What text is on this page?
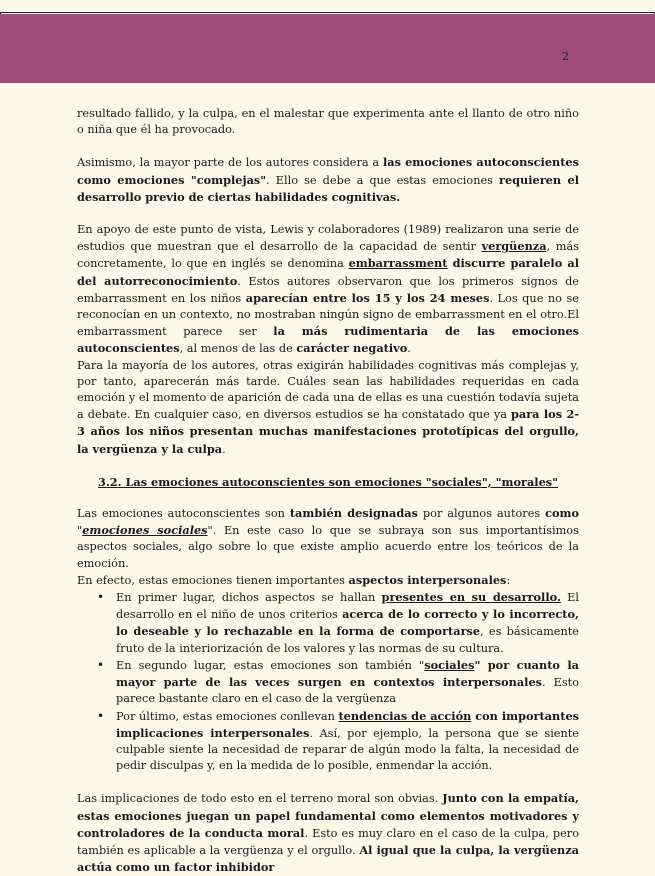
2

resultado fallido, y la culpa, en el malestar que experimenta ante el llanto de otro niño o niña que él ha provocado.

Asimismo, la mayor parte de los autores considera a las emociones autoconscientes como emociones "complejas". Ello se debe a que estas emociones requieren el desarrollo previo de ciertas habilidades cognitivas.

En apoyo de este punto de vista, Lewis y colaboradores (1989) realizaron una serie de estudios que muestran que el desarrollo de la capacidad de sentir vergüenza, más concretamente, lo que en inglés se denomina embarrassment discurre paralelo al del autorreconocimiento. Estos autores observaron que los primeros signos de embarrassment en los niños aparecían entre los 15 y los 24 meses. Los que no se reconocían en un contexto, no mostraban ningún signo de embarrassment en el otro.El embarrassment parece ser la más rudimentaria de las emociones autoconscientes, al menos de las de carácter negativo.

Para la mayoría de los autores, otras exigirán habilidades cognitivas más complejas y, por tanto, aparecerán más tarde. Cuáles sean las habilidades requeridas en cada emoción y el momento de aparición de cada una de ellas es una cuestión todavía sujeta a debate. En cualquier caso, en diversos estudios se ha constatado que ya para los 2-3 años los niños presentan muchas manifestaciones prototípicas del orgullo, la vergüenza y la culpa.

3.2. Las emociones autoconscientes son emociones "sociales", "morales"

Las emociones autoconscientes son también designadas por algunos autores como "emociones sociales". En este caso lo que se subraya son sus importantísimos aspectos sociales, algo sobre lo que existe amplio acuerdo entre los teóricos de la emoción.

En efecto, estas emociones tienen importantes aspectos interpersonales:

• En primer lugar, dichos aspectos se hallan presentes en su desarrollo. El desarrollo en el niño de unos criterios acerca de lo correcto y lo incorrecto, lo deseable y lo rechazable en la forma de comportarse, es básicamente fruto de la interiorización de los valores y las normas de su cultura.
• En segundo lugar, estas emociones son también "sociales" por cuanto la mayor parte de las veces surgen en contextos interpersonales. Esto parece bastante claro en el caso de la vergüenza
• Por último, estas emociones conllevan tendencias de acción con importantes implicaciones interpersonales. Así, por ejemplo, la persona que se siente culpable siente la necesidad de reparar de algún modo la falta, la necesidad de pedir disculpas y, en la medida de lo posible, enmendar la acción.

Las implicaciones de todo esto en el terreno moral son obvias. Junto con la empatía, estas emociones juegan un papel fundamental como elementos motivadores y controladores de la conducta moral. Esto es muy claro en el caso de la culpa, pero también es aplicable a la vergüenza y el orgullo. Al igual que la culpa, la vergüenza actúa como un factor inhibidor
